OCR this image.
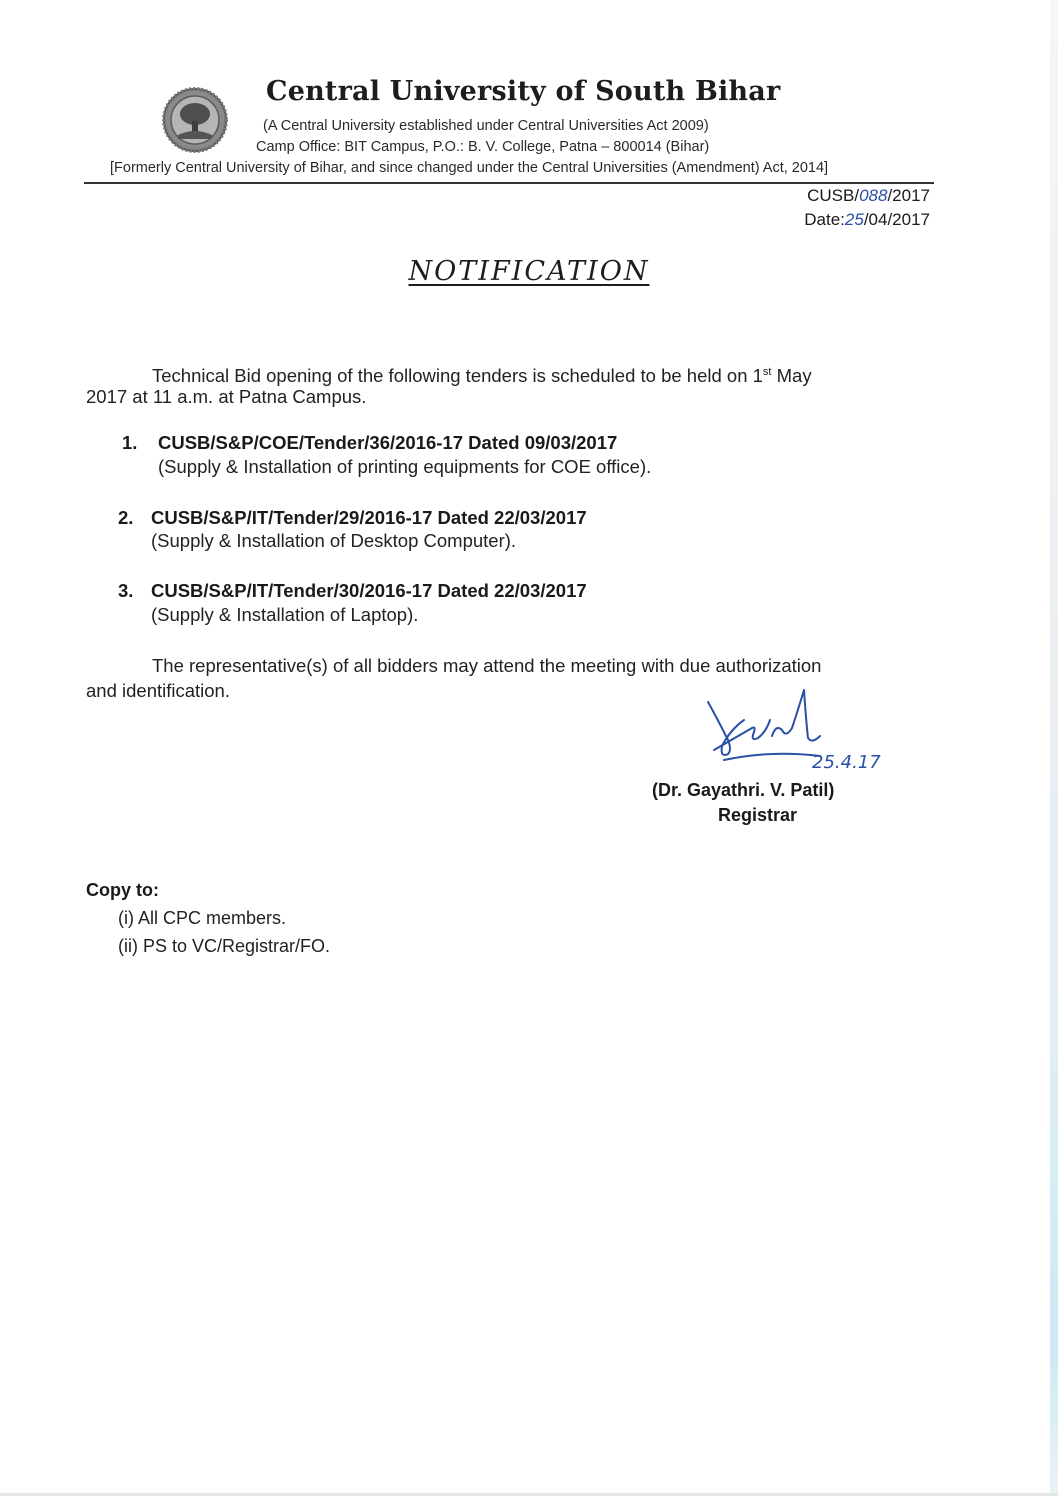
Central University of South Bihar
(A Central University established under Central Universities Act 2009)
Camp Office: BIT Campus, P.O.: B. V. College, Patna – 800014 (Bihar)
[Formerly Central University of Bihar, and since changed under the Central Universities (Amendment) Act, 2014]
CUSB/088/2017
Date:25/04/2017
NOTIFICATION
Technical Bid opening of the following tenders is scheduled to be held on 1st May
2017 at 11 a.m. at Patna Campus.
1. CUSB/S&P/COE/Tender/36/2016-17 Dated 09/03/2017
(Supply & Installation of printing equipments for COE office).
2. CUSB/S&P/IT/Tender/29/2016-17 Dated 22/03/2017
(Supply & Installation of Desktop Computer).
3. CUSB/S&P/IT/Tender/30/2016-17 Dated 22/03/2017
(Supply & Installation of Laptop).
The representative(s) of all bidders may attend the meeting with due authorization
and identification.
25.4.17
(Dr. Gayathri. V. Patil)
Registrar
Copy to:
(i) All CPC members.
(ii) PS to VC/Registrar/FO.
